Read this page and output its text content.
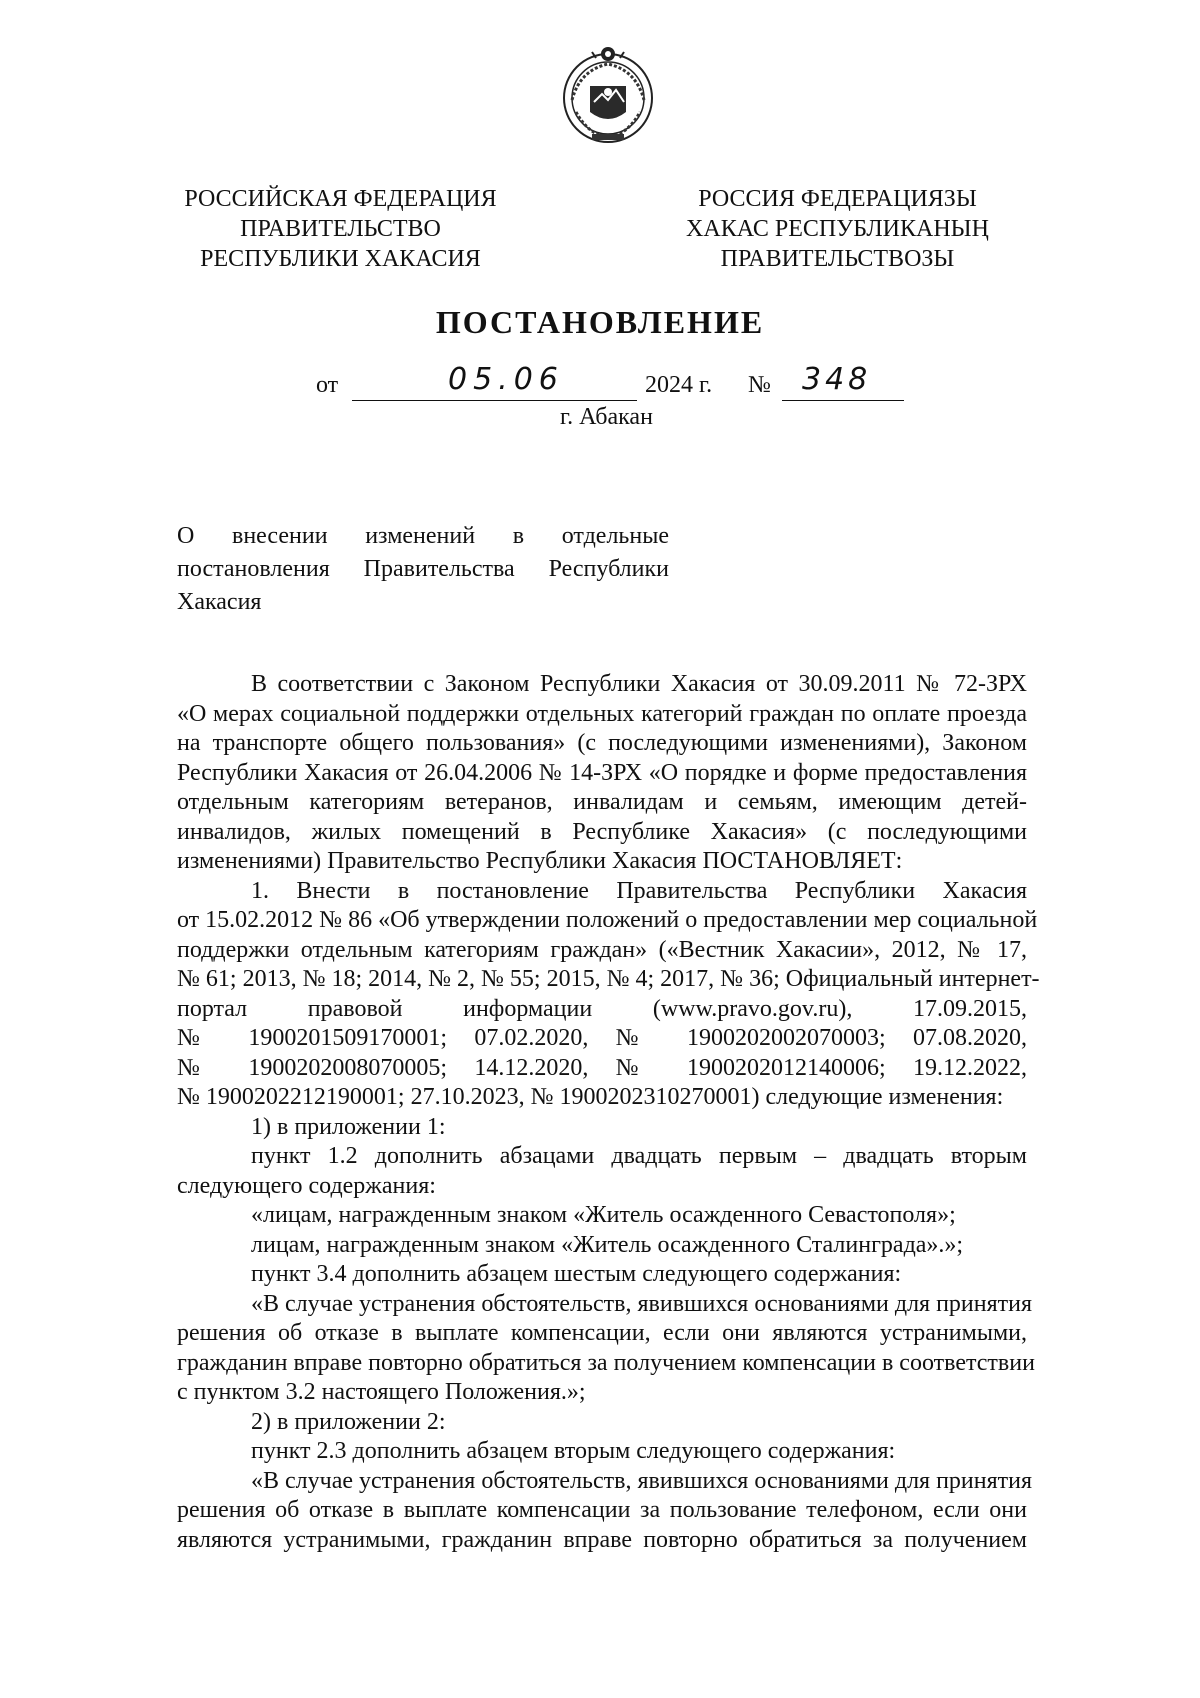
РОССИЙСКАЯ ФЕДЕРАЦИЯ
ПРАВИТЕЛЬСТВО
РЕСПУБЛИКИ ХАКАСИЯ
РОССИЯ ФЕДЕРАЦИЯЗЫ
ХАКАС РЕСПУБЛИКАНЫҢ
ПРАВИТЕЛЬСТВОЗЫ
ПОСТАНОВЛЕНИЕ
от	05.06	2024 г. № 348
г. Абакан
О внесении изменений в отдельные
постановления Правительства Республики
Хакасия
В соответствии с Законом Республики Хакасия от 30.09.2011 № 72-ЗРХ
«О мерах социальной поддержки отдельных категорий граждан по оплате проезда
на транспорте общего пользования» (с последующими изменениями), Законом
Республики Хакасия от 26.04.2006 № 14-ЗРХ «О порядке и форме предоставления
отдельным категориям ветеранов, инвалидам и семьям, имеющим детей-
инвалидов, жилых помещений в Республике Хакасия» (с последующими
изменениями) Правительство Республики Хакасия ПОСТАНОВЛЯЕТ:
1. Внести в постановление Правительства Республики Хакасия
от 15.02.2012 № 86 «Об утверждении положений о предоставлении мер социальной
поддержки отдельным категориям граждан» («Вестник Хакасии», 2012, № 17,
№ 61; 2013, № 18; 2014, № 2, № 55; 2015, № 4; 2017, № 36; Официальный интернет-
портал правовой информации (www.pravo.gov.ru), 17.09.2015,
№ 1900201509170001; 07.02.2020, № 1900202002070003; 07.08.2020,
№ 1900202008070005; 14.12.2020, № 1900202012140006; 19.12.2022,
№ 1900202212190001; 27.10.2023, № 1900202310270001) следующие изменения:
1) в приложении 1:
пункт 1.2 дополнить абзацами двадцать первым – двадцать вторым
следующего содержания:
«лицам, награжденным знаком «Житель осажденного Севастополя»;
лицам, награжденным знаком «Житель осажденного Сталинграда».»;
пункт 3.4 дополнить абзацем шестым следующего содержания:
«В случае устранения обстоятельств, явившихся основаниями для принятия
решения об отказе в выплате компенсации, если они являются устранимыми,
гражданин вправе повторно обратиться за получением компенсации в соответствии
с пунктом 3.2 настоящего Положения.»;
2) в приложении 2:
пункт 2.3 дополнить абзацем вторым следующего содержания:
«В случае устранения обстоятельств, явившихся основаниями для принятия
решения об отказе в выплате компенсации за пользование телефоном, если они
являются устранимыми, гражданин вправе повторно обратиться за получением
